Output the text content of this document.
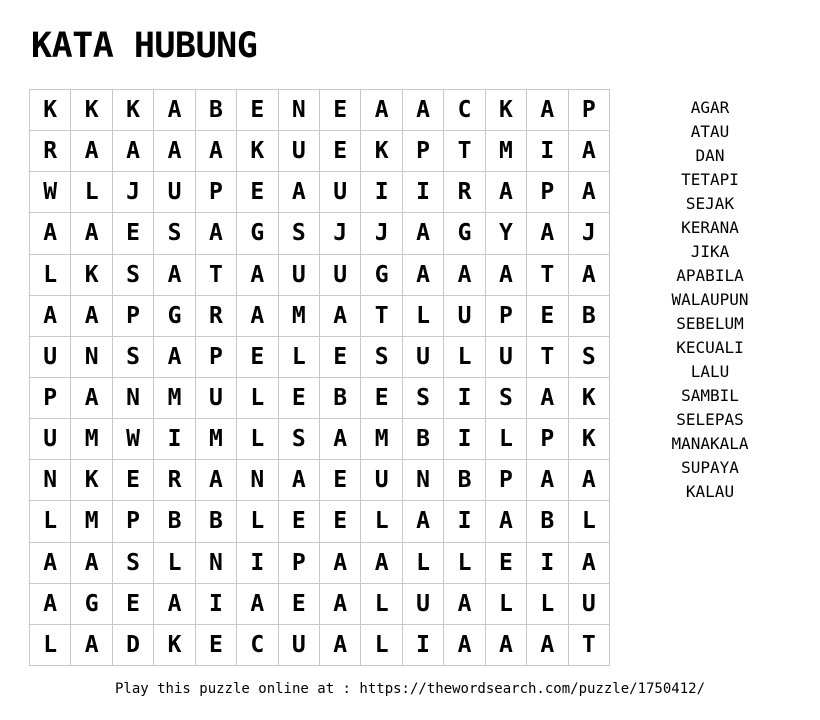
KATA HUBUNG
K	K	K	A	B	E	N	E	A	A	C	K	A	P
R	A	A	A	A	K	U	E	K	P	T	M	I	A
W	L	J	U	P	E	A	U	I	I	R	A	P	A
A	A	E	S	A	G	S	J	J	A	G	Y	A	J
L	K	S	A	T	A	U	U	G	A	A	A	T	A
A	A	P	G	R	A	M	A	T	L	U	P	E	B
U	N	S	A	P	E	L	E	S	U	L	U	T	S
P	A	N	M	U	L	E	B	E	S	I	S	A	K
U	M	W	I	M	L	S	A	M	B	I	L	P	K
N	K	E	R	A	N	A	E	U	N	B	P	A	A
L	M	P	B	B	L	E	E	L	A	I	A	B	L
A	A	S	L	N	I	P	A	A	L	L	E	I	A
A	G	E	A	I	A	E	A	L	U	A	L	L	U
L	A	D	K	E	C	U	A	L	I	A	A	A	T
AGAR
ATAU
DAN
TETAPI
SEJAK
KERANA
JIKA
APABILA
WALAUPUN
SEBELUM
KECUALI
LALU
SAMBIL
SELEPAS
MANAKALA
SUPAYA
KALAU
Play this puzzle online at : https://thewordsearch.com/puzzle/1750412/
